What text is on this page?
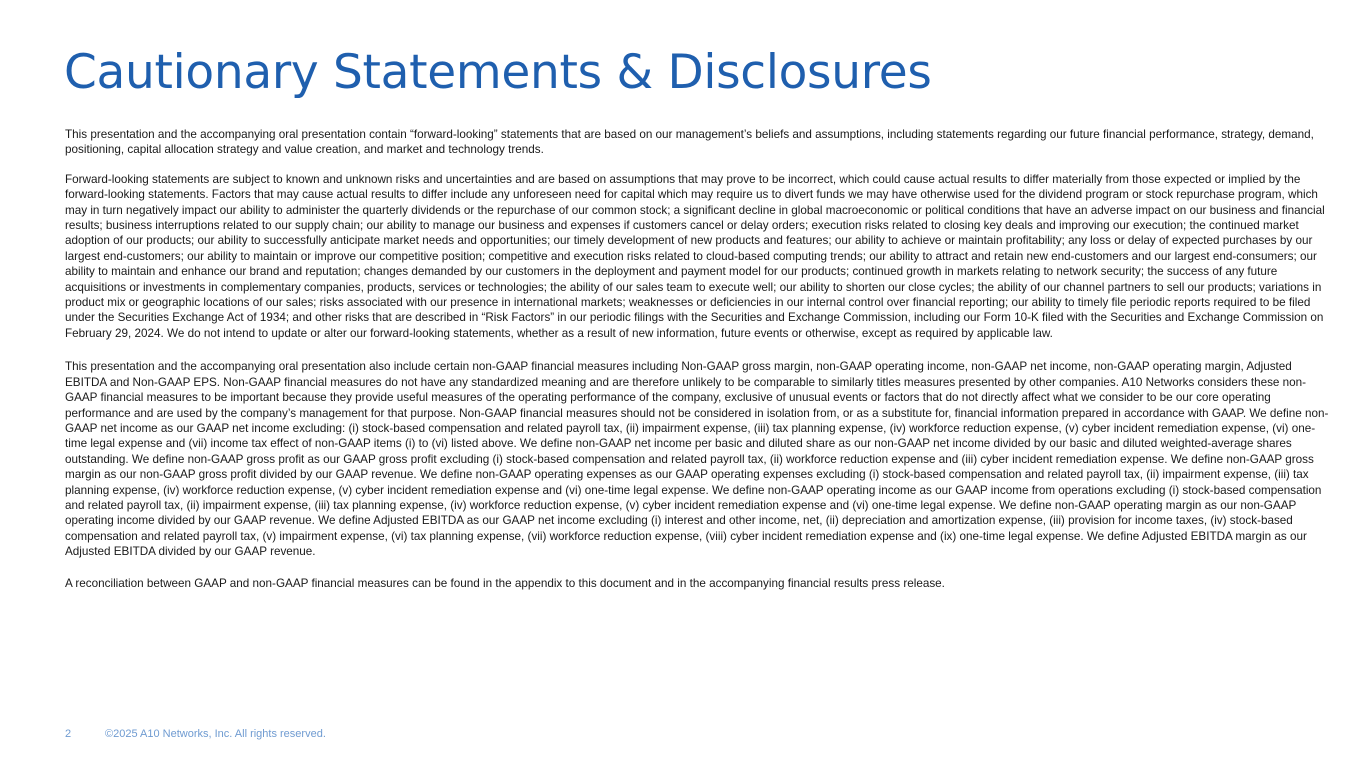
Cautionary Statements & Disclosures

This presentation and the accompanying oral presentation contain “forward-looking” statements that are based on our management’s beliefs and assumptions, including statements regarding our future financial performance, strategy, demand, positioning, capital allocation strategy and value creation, and market and technology trends.

Forward-looking statements are subject to known and unknown risks and uncertainties and are based on assumptions that may prove to be incorrect, which could cause actual results to differ materially from those expected or implied by the forward-looking statements. Factors that may cause actual results to differ include any unforeseen need for capital which may require us to divert funds we may have otherwise used for the dividend program or stock repurchase program, which may in turn negatively impact our ability to administer the quarterly dividends or the repurchase of our common stock; a significant decline in global macroeconomic or political conditions that have an adverse impact on our business and financial results; business interruptions related to our supply chain; our ability to manage our business and expenses if customers cancel or delay orders; execution risks related to closing key deals and improving our execution; the continued market adoption of our products; our ability to successfully anticipate market needs and opportunities; our timely development of new products and features; our ability to achieve or maintain profitability; any loss or delay of expected purchases by our largest end-customers; our ability to maintain or improve our competitive position; competitive and execution risks related to cloud-based computing trends; our ability to attract and retain new end-customers and our largest end-consumers; our ability to maintain and enhance our brand and reputation; changes demanded by our customers in the deployment and payment model for our products; continued growth in markets relating to network security; the success of any future acquisitions or investments in complementary companies, products, services or technologies; the ability of our sales team to execute well; our ability to shorten our close cycles; the ability of our channel partners to sell our products; variations in product mix or geographic locations of our sales; risks associated with our presence in international markets; weaknesses or deficiencies in our internal control over financial reporting; our ability to timely file periodic reports required to be filed under the Securities Exchange Act of 1934; and other risks that are described in “Risk Factors” in our periodic filings with the Securities and Exchange Commission, including our Form 10-K filed with the Securities and Exchange Commission on February 29, 2024. We do not intend to update or alter our forward-looking statements, whether as a result of new information, future events or otherwise, except as required by applicable law.

This presentation and the accompanying oral presentation also include certain non-GAAP financial measures including Non-GAAP gross margin, non-GAAP operating income, non-GAAP net income, non-GAAP operating margin, Adjusted EBITDA and Non-GAAP EPS. Non-GAAP financial measures do not have any standardized meaning and are therefore unlikely to be comparable to similarly titles measures presented by other companies. A10 Networks considers these non-GAAP financial measures to be important because they provide useful measures of the operating performance of the company, exclusive of unusual events or factors that do not directly affect what we consider to be our core operating performance and are used by the company’s management for that purpose. Non-GAAP financial measures should not be considered in isolation from, or as a substitute for, financial information prepared in accordance with GAAP. We define non-GAAP net income as our GAAP net income excluding: (i) stock-based compensation and related payroll tax, (ii) impairment expense, (iii) tax planning expense, (iv) workforce reduction expense, (v) cyber incident remediation expense, (vi) one-time legal expense and (vii) income tax effect of non-GAAP items (i) to (vi) listed above. We define non-GAAP net income per basic and diluted share as our non-GAAP net income divided by our basic and diluted weighted-average shares outstanding. We define non-GAAP gross profit as our GAAP gross profit excluding (i) stock-based compensation and related payroll tax, (ii) workforce reduction expense and (iii) cyber incident remediation expense. We define non-GAAP gross margin as our non-GAAP gross profit divided by our GAAP revenue. We define non-GAAP operating expenses as our GAAP operating expenses excluding (i) stock-based compensation and related payroll tax, (ii) impairment expense, (iii) tax planning expense, (iv) workforce reduction expense, (v) cyber incident remediation expense and (vi) one-time legal expense. We define non-GAAP operating income as our GAAP income from operations excluding (i) stock-based compensation and related payroll tax, (ii) impairment expense, (iii) tax planning expense, (iv) workforce reduction expense, (v) cyber incident remediation expense and (vi) one-time legal expense. We define non-GAAP operating margin as our non-GAAP operating income divided by our GAAP revenue. We define Adjusted EBITDA as our GAAP net income excluding (i) interest and other income, net, (ii) depreciation and amortization expense, (iii) provision for income taxes, (iv) stock-based compensation and related payroll tax, (v) impairment expense, (vi) tax planning expense, (vii) workforce reduction expense, (viii) cyber incident remediation expense and (ix) one-time legal expense. We define Adjusted EBITDA margin as our Adjusted EBITDA divided by our GAAP revenue.

A reconciliation between GAAP and non-GAAP financial measures can be found in the appendix to this document and in the accompanying financial results press release.

2	©2025 A10 Networks, Inc. All rights reserved.
